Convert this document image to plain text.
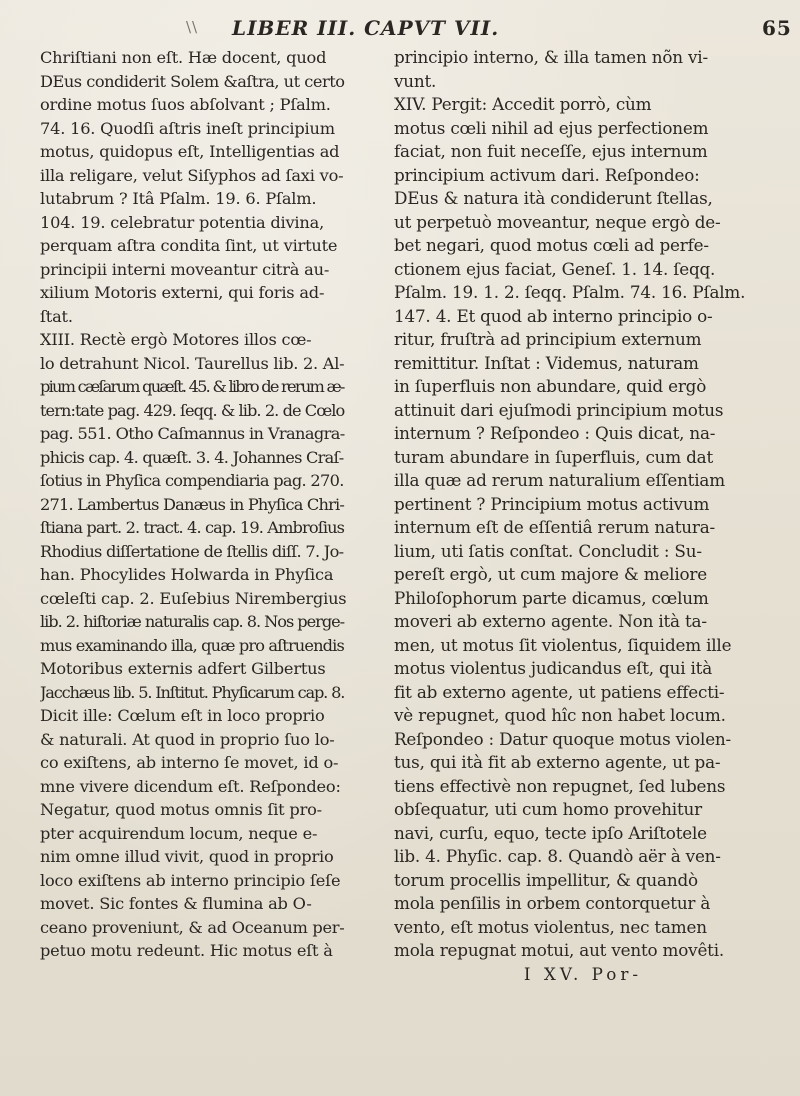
\\ LIBER III. CAPVT VII.	65
Chriſtiani non eſt. Hæ docent, quod
DEus condiderit Solem &aſtra, ut certo
ordine motus ſuos abſolvant ; Pſalm.
74. 16. Quodſi aſtris ineſt principium
motus, quidopus eſt, Intelligentias ad
illa religare, velut Siſyphos ad ſaxi vo-
lutabrum ? Itâ Pſalm. 19. 6. Pſalm.
104. 19. celebratur potentia divina,
perquam aſtra condita ſint, ut virtute
principii interni moveantur citrà au-
xilium Motoris externi, qui foris ad-
ſtat.
XIII. Rectè ergò Motores illos cœ-
lo detrahunt Nicol. Taurellus lib. 2. Al-
pium cæſarum quæſt. 45. & libro de rerum æ-
tern:tate pag. 429. ſeqq. & lib. 2. de Cœlo
pag. 551. Otho Caſmannus in Vranagra-
phicis cap. 4. quæſt. 3. 4. Johannes Craſ-
ſotius in Phyſica compendiaria pag. 270.
271. Lambertus Danæus in Phyſica Chri-
ſtiana part. 2. tract. 4. cap. 19. Ambroſius
Rhodius diſſertatione de ſtellis diſſ. 7. Jo-
han. Phocylides Holwarda in Phyſica
cœleſti cap. 2. Euſebius Nirembergius
lib. 2. hiſtoriæ naturalis cap. 8. Nos perge-
mus examinando illa, quæ pro aſtruendis
Motoribus externis adfert Gilbertus
Jacchæus lib. 5. Inſtitut. Phyſicarum cap. 8.
Dicit ille: Cœlum eſt in loco proprio
& naturali. At quod in proprio ſuo lo-
co exiſtens, ab interno ſe movet, id o-
mne vivere dicendum eſt. Reſpondeo:
Negatur, quod motus omnis ſit pro-
pter acquirendum locum, neque e-
nim omne illud vivit, quod in proprio
loco exiſtens ab interno principio ſeſe
movet. Sic fontes & flumina ab O-
ceano proveniunt, & ad Oceanum per-
petuo motu redeunt. Hic motus eſt à
principio interno, & illa tamen nõn vi-
vunt.
XIV. Pergit: Accedit porrò, cùm
motus cœli nihil ad ejus perfectionem
faciat, non fuit neceſſe, ejus internum
principium activum dari. Reſpondeo:
DEus & natura ità condiderunt ſtellas,
ut perpetuò moveantur, neque ergò de-
bet negari, quod motus cœli ad perfe-
ctionem ejus faciat, Geneſ. 1. 14. ſeqq.
Pſalm. 19. 1. 2. ſeqq. Pſalm. 74. 16. Pſalm.
147. 4. Et quod ab interno principio o-
ritur, fruſtrà ad principium externum
remittitur. Inſtat : Videmus, naturam
in ſuperfluis non abundare, quid ergò
attinuit dari ejuſmodi principium motus
internum ? Reſpondeo : Quis dicat, na-
turam abundare in ſuperfluis, cum dat
illa quæ ad rerum naturalium eſſentiam
pertinent ? Principium motus activum
internum eſt de eſſentiâ rerum natura-
lium, uti ſatis conſtat. Concludit : Su-
pereſt ergò, ut cum majore & meliore
Philoſophorum parte dicamus, cœlum
moveri ab externo agente. Non ità ta-
men, ut motus ſit violentus, ſiquidem ille
motus violentus judicandus eſt, qui ità
fit ab externo agente, ut patiens effecti-
vè repugnet, quod hîc non habet locum.
Reſpondeo : Datur quoque motus violen-
tus, qui ità fit ab externo agente, ut pa-
tiens effectivè non repugnet, ſed lubens
obſequatur, uti cum homo provehitur
navi, curſu, equo, tecte ipſo Ariſtotele
lib. 4. Phyſic. cap. 8. Quandò aër à ven-
torum procellis impellitur, & quandò
mola penſilis in orbem contorquetur à
vento, eſt motus violentus, nec tamen
mola repugnat motui, aut vento movêti.
I XV. Por-
